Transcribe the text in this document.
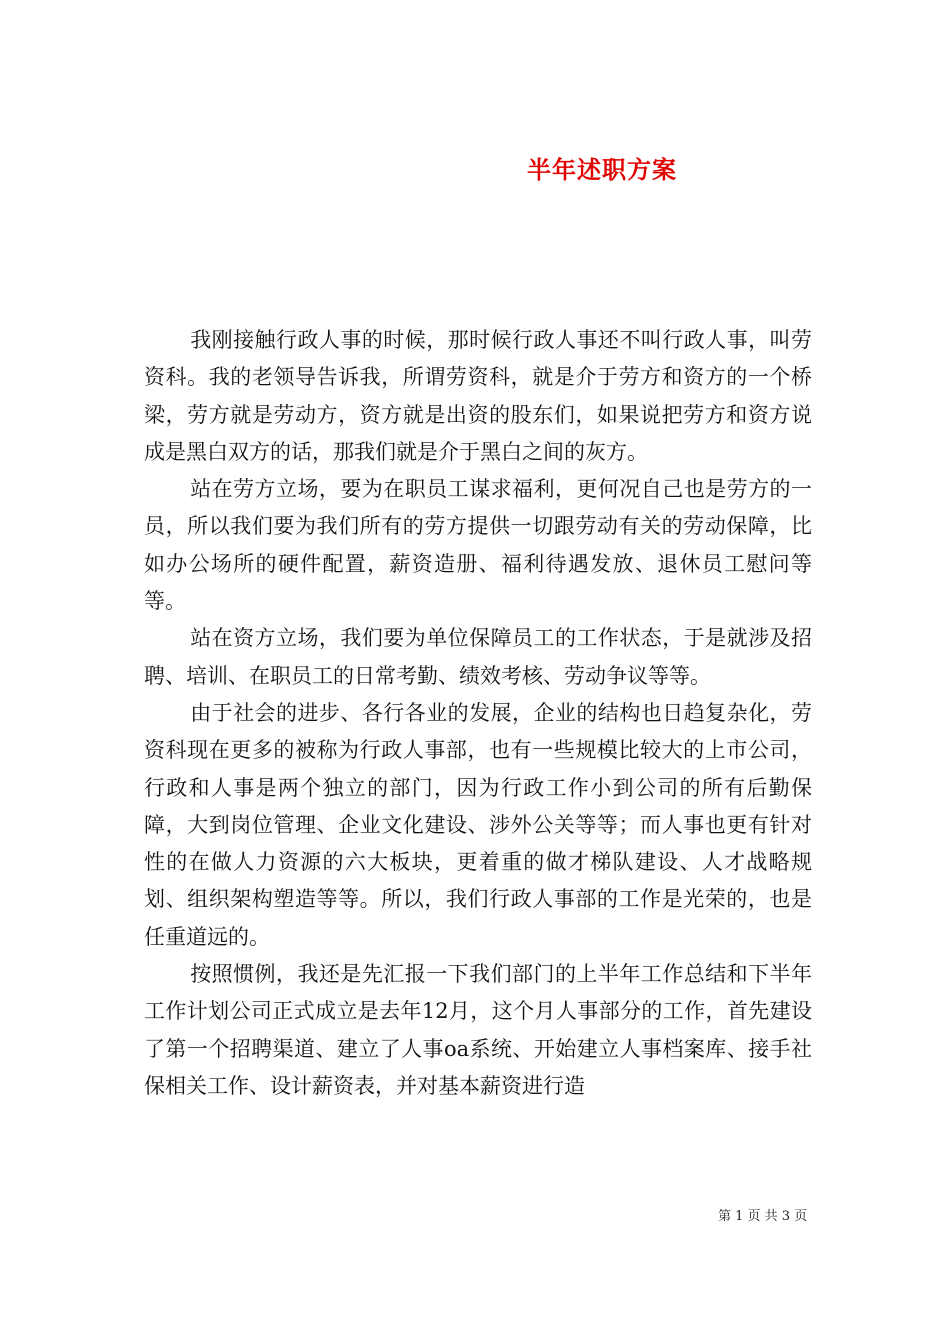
半年述职方案

我刚接触行政人事的时候，那时候行政人事还不叫行政人事，叫劳资科。我的老领导告诉我，所谓劳资科，就是介于劳方和资方的一个桥梁，劳方就是劳动方，资方就是出资的股东们，如果说把劳方和资方说成是黑白双方的话，那我们就是介于黑白之间的灰方。

站在劳方立场，要为在职员工谋求福利，更何况自己也是劳方的一员，所以我们要为我们所有的劳方提供一切跟劳动有关的劳动保障，比如办公场所的硬件配置，薪资造册、福利待遇发放、退休员工慰问等等。

站在资方立场，我们要为单位保障员工的工作状态，于是就涉及招聘、培训、在职员工的日常考勤、绩效考核、劳动争议等等。

由于社会的进步、各行各业的发展，企业的结构也日趋复杂化，劳资科现在更多的被称为行政人事部，也有一些规模比较大的上市公司，行政和人事是两个独立的部门，因为行政工作小到公司的所有后勤保障，大到岗位管理、企业文化建设、涉外公关等等；而人事也更有针对性的在做人力资源的六大板块，更着重的做才梯队建设、人才战略规划、组织架构塑造等等。所以，我们行政人事部的工作是光荣的，也是任重道远的。

按照惯例，我还是先汇报一下我们部门的上半年工作总结和下半年工作计划公司正式成立是去年12月，这个月人事部分的工作，首先建设了第一个招聘渠道、建立了人事oa系统、开始建立人事档案库、接手社保相关工作、设计薪资表，并对基本薪资进行造

第 1 页 共 3 页
